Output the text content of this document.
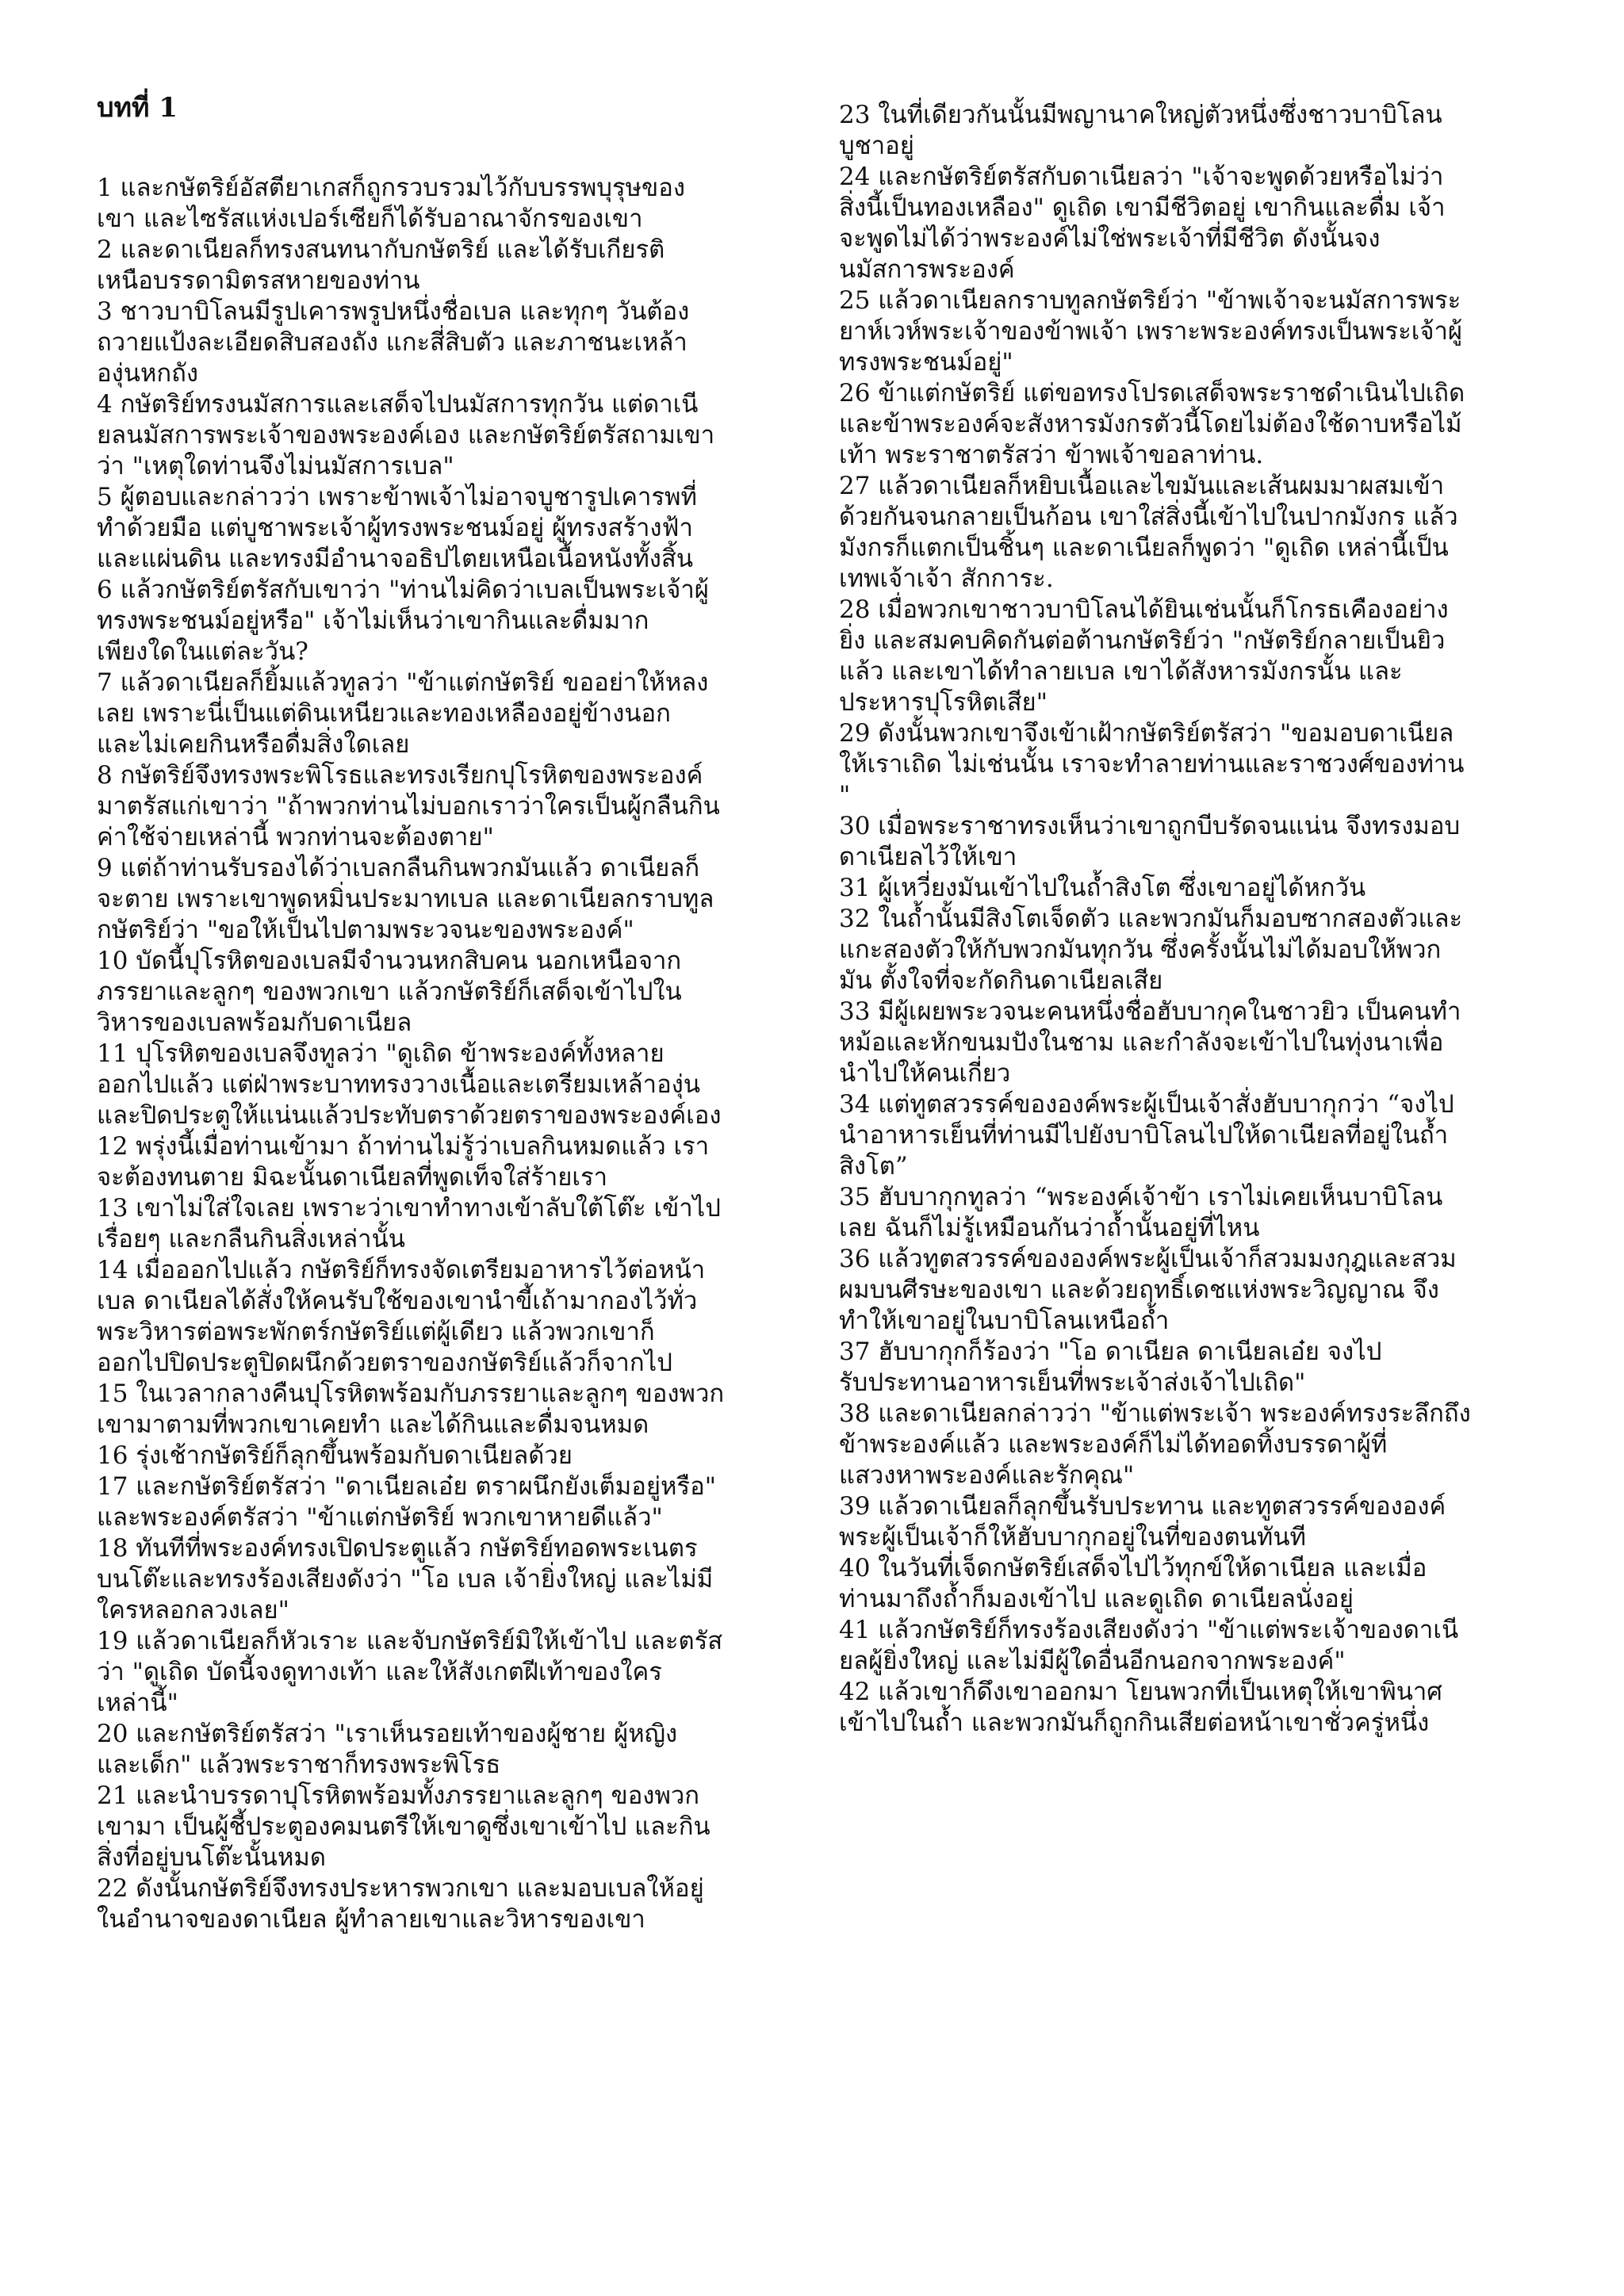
บทที่ 1

1 และกษัตริย์อัสตียาเกสก็ถูกรวบรวมไว้กับบรรพบุรุษของ
เขา และไซรัสแห่งเปอร์เซียก็ได้รับอาณาจักรของเขา

2 และดาเนียลก็ทรงสนทนากับกษัตริย์ และได้รับเกียรติ
เหนือบรรดามิตรสหายของท่าน

3 ชาวบาบิโลนมีรูปเคารพรูปหนึ่งชื่อเบล และทุกๆ วันต้อง
ถวายแป้งละเอียดสิบสองถัง แกะสี่สิบตัว และภาชนะเหล้า
องุ่นหกถัง

4 กษัตริย์ทรงนมัสการและเสด็จไปนมัสการทุกวัน แต่ดาเนี
ยลนมัสการพระเจ้าของพระองค์เอง และกษัตริย์ตรัสถามเขา
ว่า "เหตุใดท่านจึงไม่นมัสการเบล"

5 ผู้ตอบและกล่าวว่า เพราะข้าพเจ้าไม่อาจบูชารูปเคารพที่
ทำด้วยมือ แต่บูชาพระเจ้าผู้ทรงพระชนม์อยู่ ผู้ทรงสร้างฟ้า
และแผ่นดิน และทรงมีอำนาจอธิปไตยเหนือเนื้อหนังทั้งสิ้น

6 แล้วกษัตริย์ตรัสกับเขาว่า "ท่านไม่คิดว่าเบลเป็นพระเจ้าผู้
ทรงพระชนม์อยู่หรือ" เจ้าไม่เห็นว่าเขากินและดื่มมาก
เพียงใดในแต่ละวัน?

7 แล้วดาเนียลก็ยิ้มแล้วทูลว่า "ข้าแต่กษัตริย์ ขออย่าให้หลง
เลย เพราะนี่เป็นแต่ดินเหนียวและทองเหลืองอยู่ข้างนอก
และไม่เคยกินหรือดื่มสิ่งใดเลย

8 กษัตริย์จึงทรงพระพิโรธและทรงเรียกปุโรหิตของพระองค์
มาตรัสแก่เขาว่า "ถ้าพวกท่านไม่บอกเราว่าใครเป็นผู้กลืนกิน
ค่าใช้จ่ายเหล่านี้ พวกท่านจะต้องตาย"

9 แต่ถ้าท่านรับรองได้ว่าเบลกลืนกินพวกมันแล้ว ดาเนียลก็
จะตาย เพราะเขาพูดหมิ่นประมาทเบล และดาเนียลกราบทูล
กษัตริย์ว่า "ขอให้เป็นไปตามพระวจนะของพระองค์"

10 บัดนี้ปุโรหิตของเบลมีจำนวนหกสิบคน นอกเหนือจาก
ภรรยาและลูกๆ ของพวกเขา แล้วกษัตริย์ก็เสด็จเข้าไปใน
วิหารของเบลพร้อมกับดาเนียล

11 ปุโรหิตของเบลจึงทูลว่า "ดูเถิด ข้าพระองค์ทั้งหลาย
ออกไปแล้ว แต่ฝ่าพระบาททรงวางเนื้อและเตรียมเหล้าองุ่น
และปิดประตูให้แน่นแล้วประทับตราด้วยตราของพระองค์เอง

12 พรุ่งนี้เมื่อท่านเข้ามา ถ้าท่านไม่รู้ว่าเบลกินหมดแล้ว เรา
จะต้องทนตาย มิฉะนั้นดาเนียลที่พูดเท็จใส่ร้ายเรา

13 เขาไม่ใส่ใจเลย เพราะว่าเขาทำทางเข้าลับใต้โต๊ะ เข้าไป
เรื่อยๆ และกลืนกินสิ่งเหล่านั้น

14 เมื่อออกไปแล้ว กษัตริย์ก็ทรงจัดเตรียมอาหารไว้ต่อหน้า
เบล ดาเนียลได้สั่งให้คนรับใช้ของเขานำขี้เถ้ามากองไว้ทั่ว
พระวิหารต่อพระพักตร์กษัตริย์แต่ผู้เดียว แล้วพวกเขาก็
ออกไปปิดประตูปิดผนึกด้วยตราของกษัตริย์แล้วก็จากไป

15 ในเวลากลางคืนปุโรหิตพร้อมกับภรรยาและลูกๆ ของพวก
เขามาตามที่พวกเขาเคยทำ และได้กินและดื่มจนหมด

16 รุ่งเช้ากษัตริย์ก็ลุกขึ้นพร้อมกับดาเนียลด้วย

17 และกษัตริย์ตรัสว่า "ดาเนียลเอ๋ย ตราผนึกยังเต็มอยู่หรือ"
และพระองค์ตรัสว่า "ข้าแต่กษัตริย์ พวกเขาหายดีแล้ว"

18 ทันทีที่พระองค์ทรงเปิดประตูแล้ว กษัตริย์ทอดพระเนตร
บนโต๊ะและทรงร้องเสียงดังว่า "โอ เบล เจ้ายิ่งใหญ่ และไม่มี
ใครหลอกลวงเลย"

19 แล้วดาเนียลก็หัวเราะ และจับกษัตริย์มิให้เข้าไป และตรัส
ว่า "ดูเถิด บัดนี้จงดูทางเท้า และให้สังเกตฝีเท้าของใคร
เหล่านี้"

20 และกษัตริย์ตรัสว่า "เราเห็นรอยเท้าของผู้ชาย ผู้หญิง
และเด็ก" แล้วพระราชาก็ทรงพระพิโรธ

21 และนำบรรดาปุโรหิตพร้อมทั้งภรรยาและลูกๆ ของพวก
เขามา เป็นผู้ชี้ประตูองคมนตรีให้เขาดูซึ่งเขาเข้าไป และกิน
สิ่งที่อยู่บนโต๊ะนั้นหมด

22 ดังนั้นกษัตริย์จึงทรงประหารพวกเขา และมอบเบลให้อยู่
ในอำนาจของดาเนียล ผู้ทำลายเขาและวิหารของเขา

23 ในที่เดียวกันนั้นมีพญานาคใหญ่ตัวหนึ่งซึ่งชาวบาบิโลน
บูชาอยู่

24 และกษัตริย์ตรัสกับดาเนียลว่า "เจ้าจะพูดด้วยหรือไม่ว่า
สิ่งนี้เป็นทองเหลือง" ดูเถิด เขามีชีวิตอยู่ เขากินและดื่ม เจ้า
จะพูดไม่ได้ว่าพระองค์ไม่ใช่พระเจ้าที่มีชีวิต ดังนั้นจง
นมัสการพระองค์

25 แล้วดาเนียลกราบทูลกษัตริย์ว่า "ข้าพเจ้าจะนมัสการพระ
ยาห์เวห์พระเจ้าของข้าพเจ้า เพราะพระองค์ทรงเป็นพระเจ้าผู้
ทรงพระชนม์อยู่"

26 ข้าแต่กษัตริย์ แต่ขอทรงโปรดเสด็จพระราชดำเนินไปเถิด
และข้าพระองค์จะสังหารมังกรตัวนี้โดยไม่ต้องใช้ดาบหรือไม้
เท้า พระราชาตรัสว่า ข้าพเจ้าขอลาท่าน.

27 แล้วดาเนียลก็หยิบเนื้อและไขมันและเส้นผมมาผสมเข้า
ด้วยกันจนกลายเป็นก้อน เขาใส่สิ่งนี้เข้าไปในปากมังกร แล้ว
มังกรก็แตกเป็นชิ้นๆ และดาเนียลก็พูดว่า "ดูเถิด เหล่านี้เป็น
เทพเจ้าเจ้า สักการะ.

28 เมื่อพวกเขาชาวบาบิโลนได้ยินเช่นนั้นก็โกรธเคืองอย่าง
ยิ่ง และสมคบคิดกันต่อต้านกษัตริย์ว่า "กษัตริย์กลายเป็นยิว
แล้ว และเขาได้ทำลายเบล เขาได้สังหารมังกรนั้น และ
ประหารปุโรหิตเสีย"

29 ดังนั้นพวกเขาจึงเข้าเฝ้ากษัตริย์ตรัสว่า "ขอมอบดาเนียล
ให้เราเถิด ไม่เช่นนั้น เราจะทำลายท่านและราชวงศ์ของท่าน
"

30 เมื่อพระราชาทรงเห็นว่าเขาถูกบีบรัดจนแน่น จึงทรงมอบ
ดาเนียลไว้ให้เขา

31 ผู้เหวี่ยงมันเข้าไปในถ้ำสิงโต ซึ่งเขาอยู่ได้หกวัน

32 ในถ้ำนั้นมีสิงโตเจ็ดตัว และพวกมันก็มอบซากสองตัวและ
แกะสองตัวให้กับพวกมันทุกวัน ซึ่งครั้งนั้นไม่ได้มอบให้พวก
มัน ตั้งใจที่จะกัดกินดาเนียลเสีย

33 มีผู้เผยพระวจนะคนหนึ่งชื่อฮับบากุคในชาวยิว เป็นคนทำ
หม้อและหักขนมปังในชาม และกำลังจะเข้าไปในทุ่งนาเพื่อ
นำไปให้คนเกี่ยว

34 แต่ทูตสวรรค์ขององค์พระผู้เป็นเจ้าสั่งฮับบากุกว่า “จงไป
นำอาหารเย็นที่ท่านมีไปยังบาบิโลนไปให้ดาเนียลที่อยู่ในถ้ำ
สิงโต”

35 ฮับบากุกทูลว่า “พระองค์เจ้าข้า เราไม่เคยเห็นบาบิโลน
เลย ฉันก็ไม่รู้เหมือนกันว่าถ้ำนั้นอยู่ที่ไหน

36 แล้วทูตสวรรค์ขององค์พระผู้เป็นเจ้าก็สวมมงกุฎและสวม
ผมบนศีรษะของเขา และด้วยฤทธิ์เดชแห่งพระวิญญาณ จึง
ทำให้เขาอยู่ในบาบิโลนเหนือถ้ำ

37 ฮับบากุกก็ร้องว่า "โอ ดาเนียล ดาเนียลเอ๋ย จงไป
รับประทานอาหารเย็นที่พระเจ้าส่งเจ้าไปเถิด"

38 และดาเนียลกล่าวว่า "ข้าแต่พระเจ้า พระองค์ทรงระลึกถึง
ข้าพระองค์แล้ว และพระองค์ก็ไม่ได้ทอดทิ้งบรรดาผู้ที่
แสวงหาพระองค์และรักคุณ"

39 แล้วดาเนียลก็ลุกขึ้นรับประทาน และทูตสวรรค์ขององค์
พระผู้เป็นเจ้าก็ให้ฮับบากุกอยู่ในที่ของตนทันที

40 ในวันที่เจ็ดกษัตริย์เสด็จไปไว้ทุกข์ให้ดาเนียล และเมื่อ
ท่านมาถึงถ้ำก็มองเข้าไป และดูเถิด ดาเนียลนั่งอยู่

41 แล้วกษัตริย์ก็ทรงร้องเสียงดังว่า "ข้าแต่พระเจ้าของดาเนี
ยลผู้ยิ่งใหญ่ และไม่มีผู้ใดอื่นอีกนอกจากพระองค์"

42 แล้วเขาก็ดึงเขาออกมา โยนพวกที่เป็นเหตุให้เขาพินาศ
เข้าไปในถ้ำ และพวกมันก็ถูกกินเสียต่อหน้าเขาชั่วครู่หนึ่ง
